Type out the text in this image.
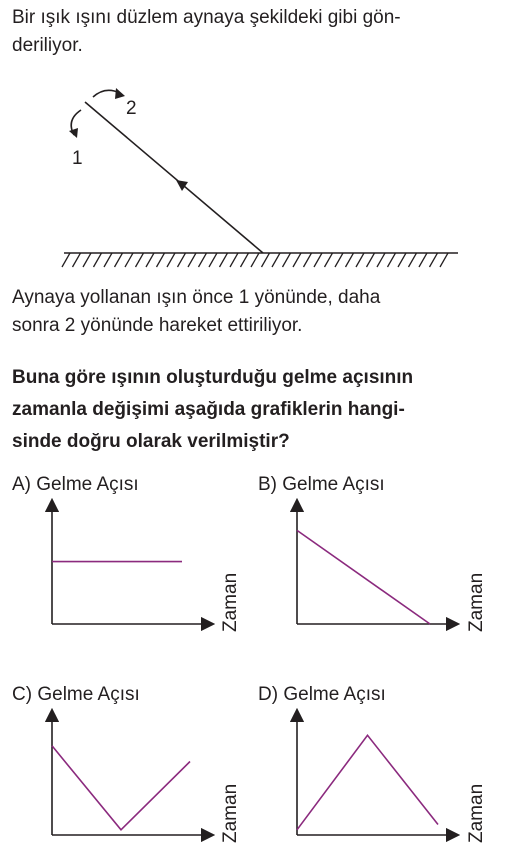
Bir ışık ışını düzlem aynaya şekildeki gibi gön-
deriliyor.

Aynaya yollanan ışın önce 1 yönünde, daha
sonra 2 yönünde hareket ettiriliyor.

Buna göre ışının oluşturduğu gelme açısının
zamanla değişimi aşağıda grafiklerin hangi-
sinde doğru olarak verilmiştir?

A) Gelme Açısı	B) Gelme Açısı
C) Gelme Açısı	D) Gelme Açısı
1
2
Zaman	Zaman
Zaman	Zaman
